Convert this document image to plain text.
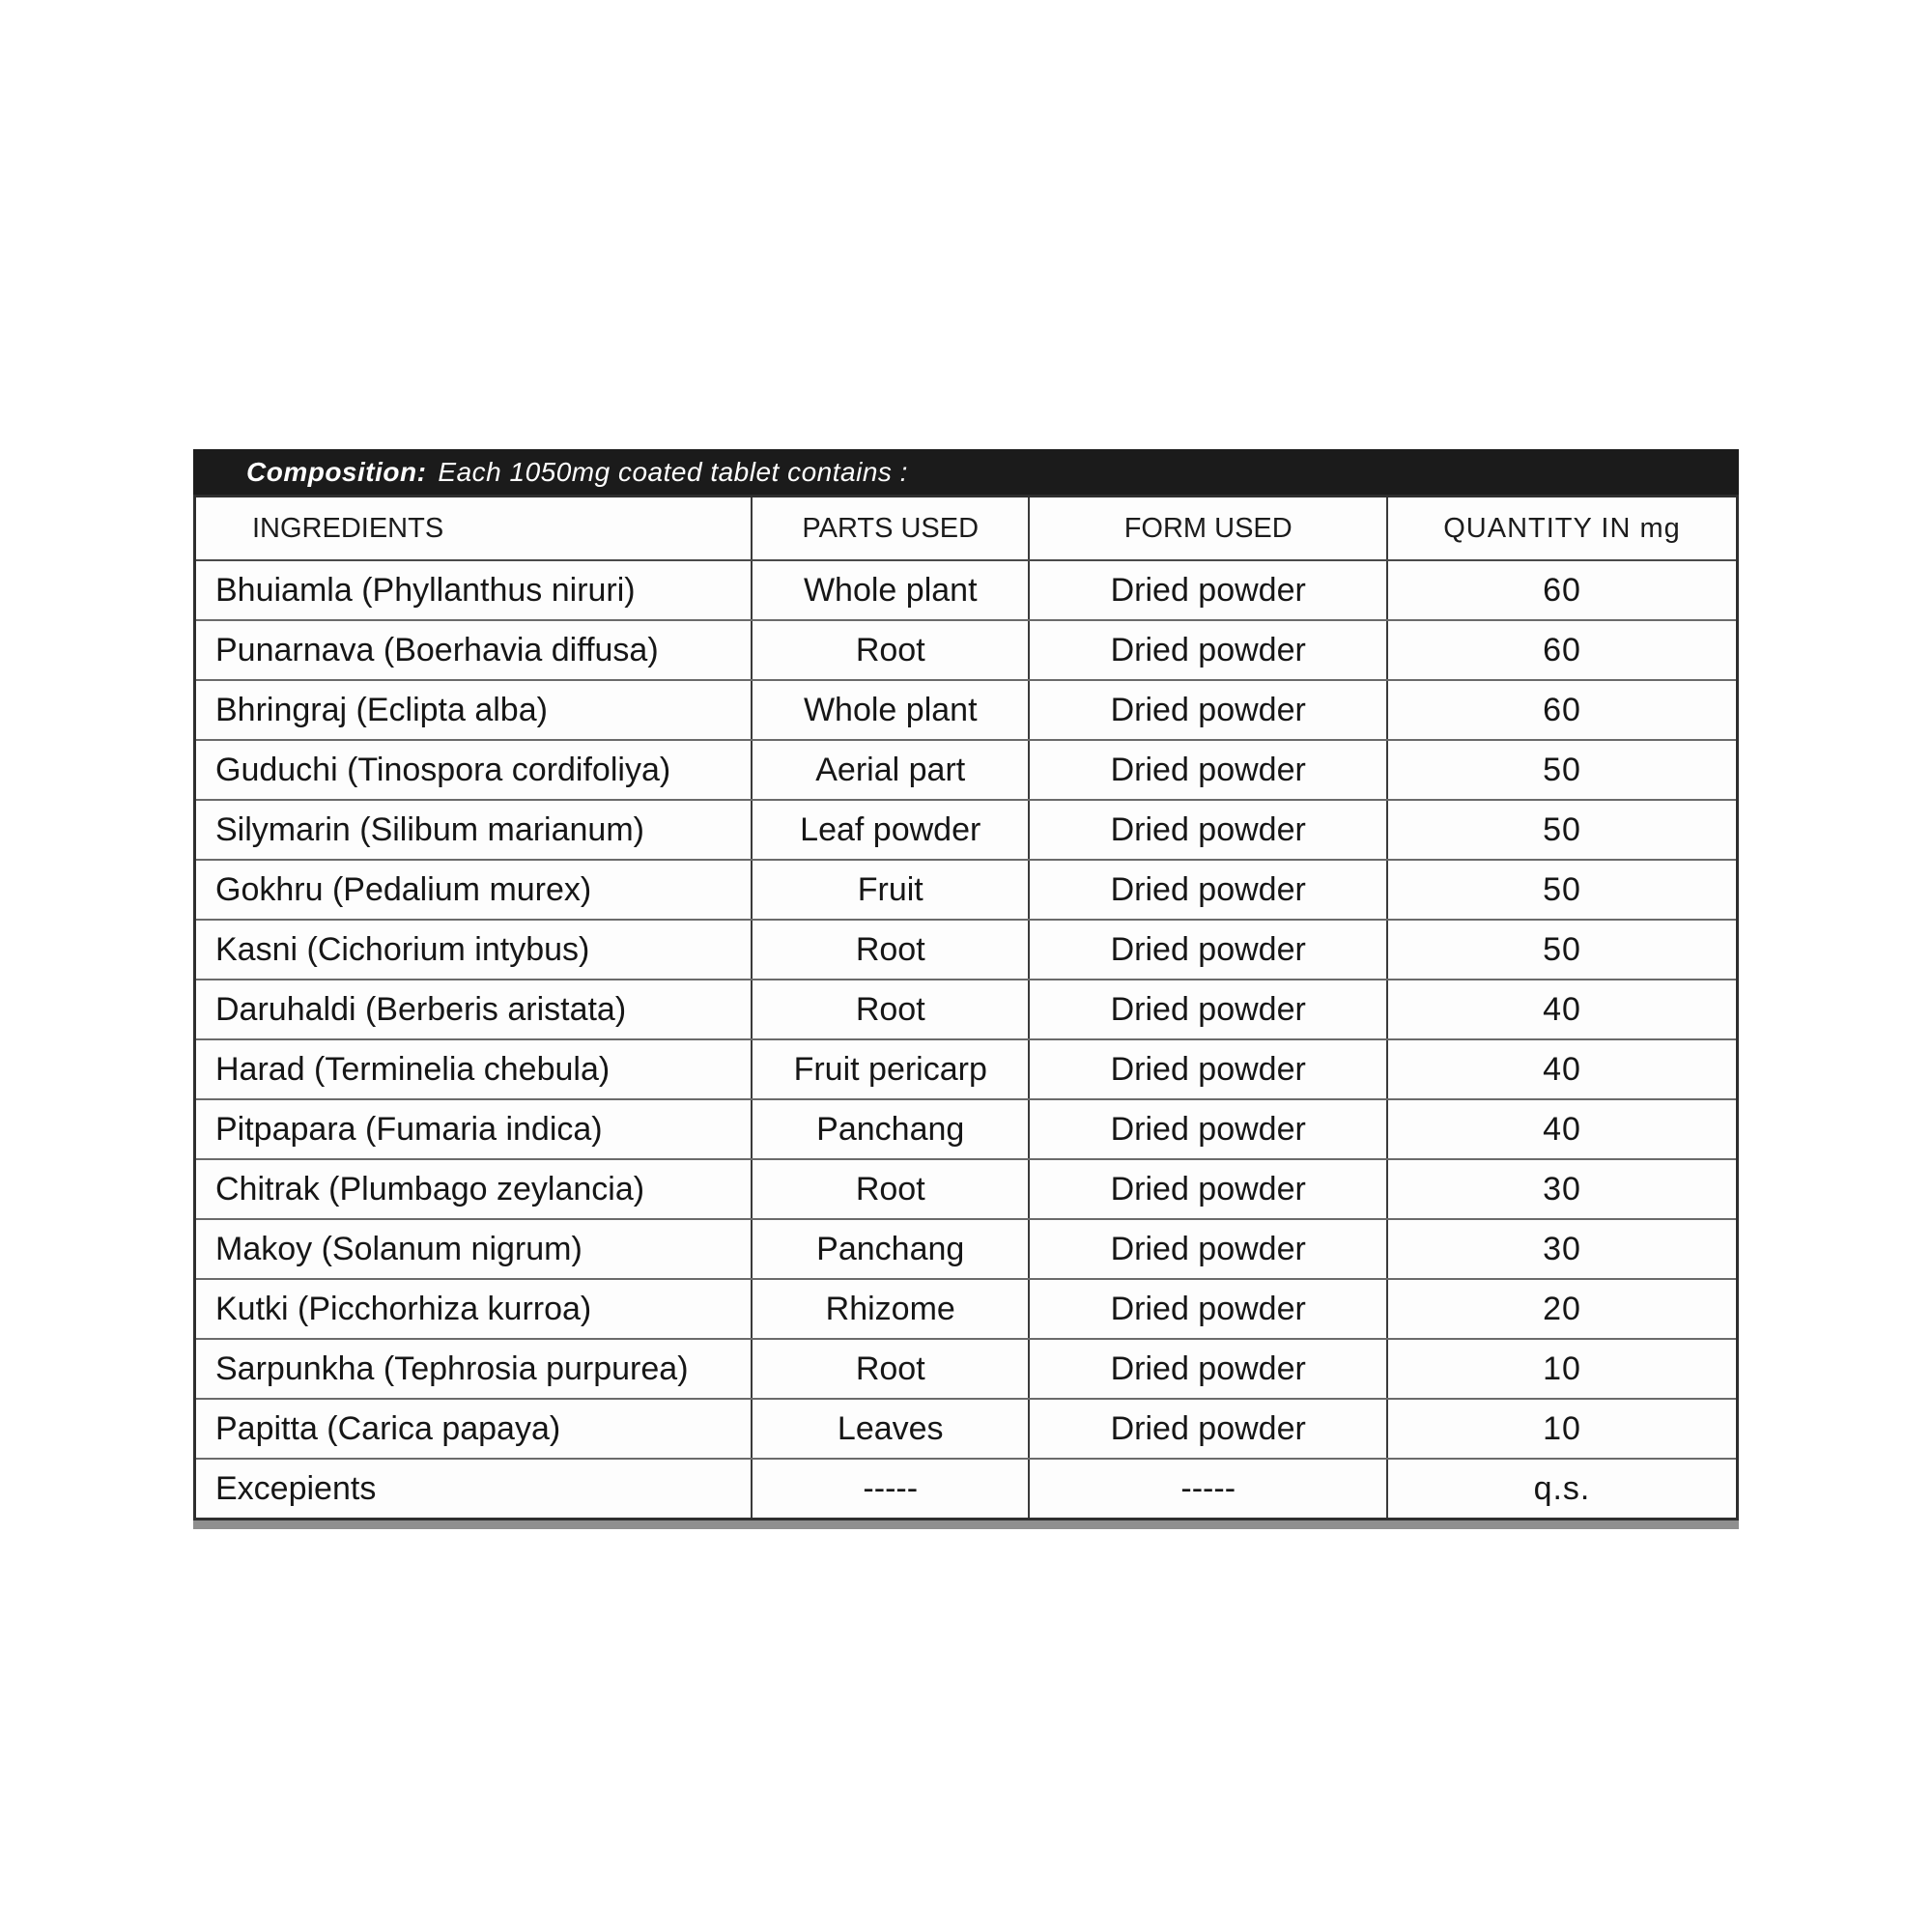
Composition: Each 1050mg coated tablet contains :
INGREDIENTS	PARTS USED	FORM USED	QUANTITY IN mg
Bhuiamla (Phyllanthus niruri)	Whole plant	Dried powder	60
Punarnava (Boerhavia diffusa)	Root	Dried powder	60
Bhringraj (Eclipta alba)	Whole plant	Dried powder	60
Guduchi (Tinospora cordifoliya)	Aerial part	Dried powder	50
Silymarin (Silibum marianum)	Leaf powder	Dried powder	50
Gokhru (Pedalium murex)	Fruit	Dried powder	50
Kasni (Cichorium intybus)	Root	Dried powder	50
Daruhaldi (Berberis aristata)	Root	Dried powder	40
Harad (Terminelia chebula)	Fruit pericarp	Dried powder	40
Pitpapara (Fumaria indica)	Panchang	Dried powder	40
Chitrak (Plumbago zeylancia)	Root	Dried powder	30
Makoy (Solanum nigrum)	Panchang	Dried powder	30
Kutki (Picchorhiza kurroa)	Rhizome	Dried powder	20
Sarpunkha (Tephrosia purpurea)	Root	Dried powder	10
Papitta (Carica papaya)	Leaves	Dried powder	10
Excepients	-----	-----	q.s.
